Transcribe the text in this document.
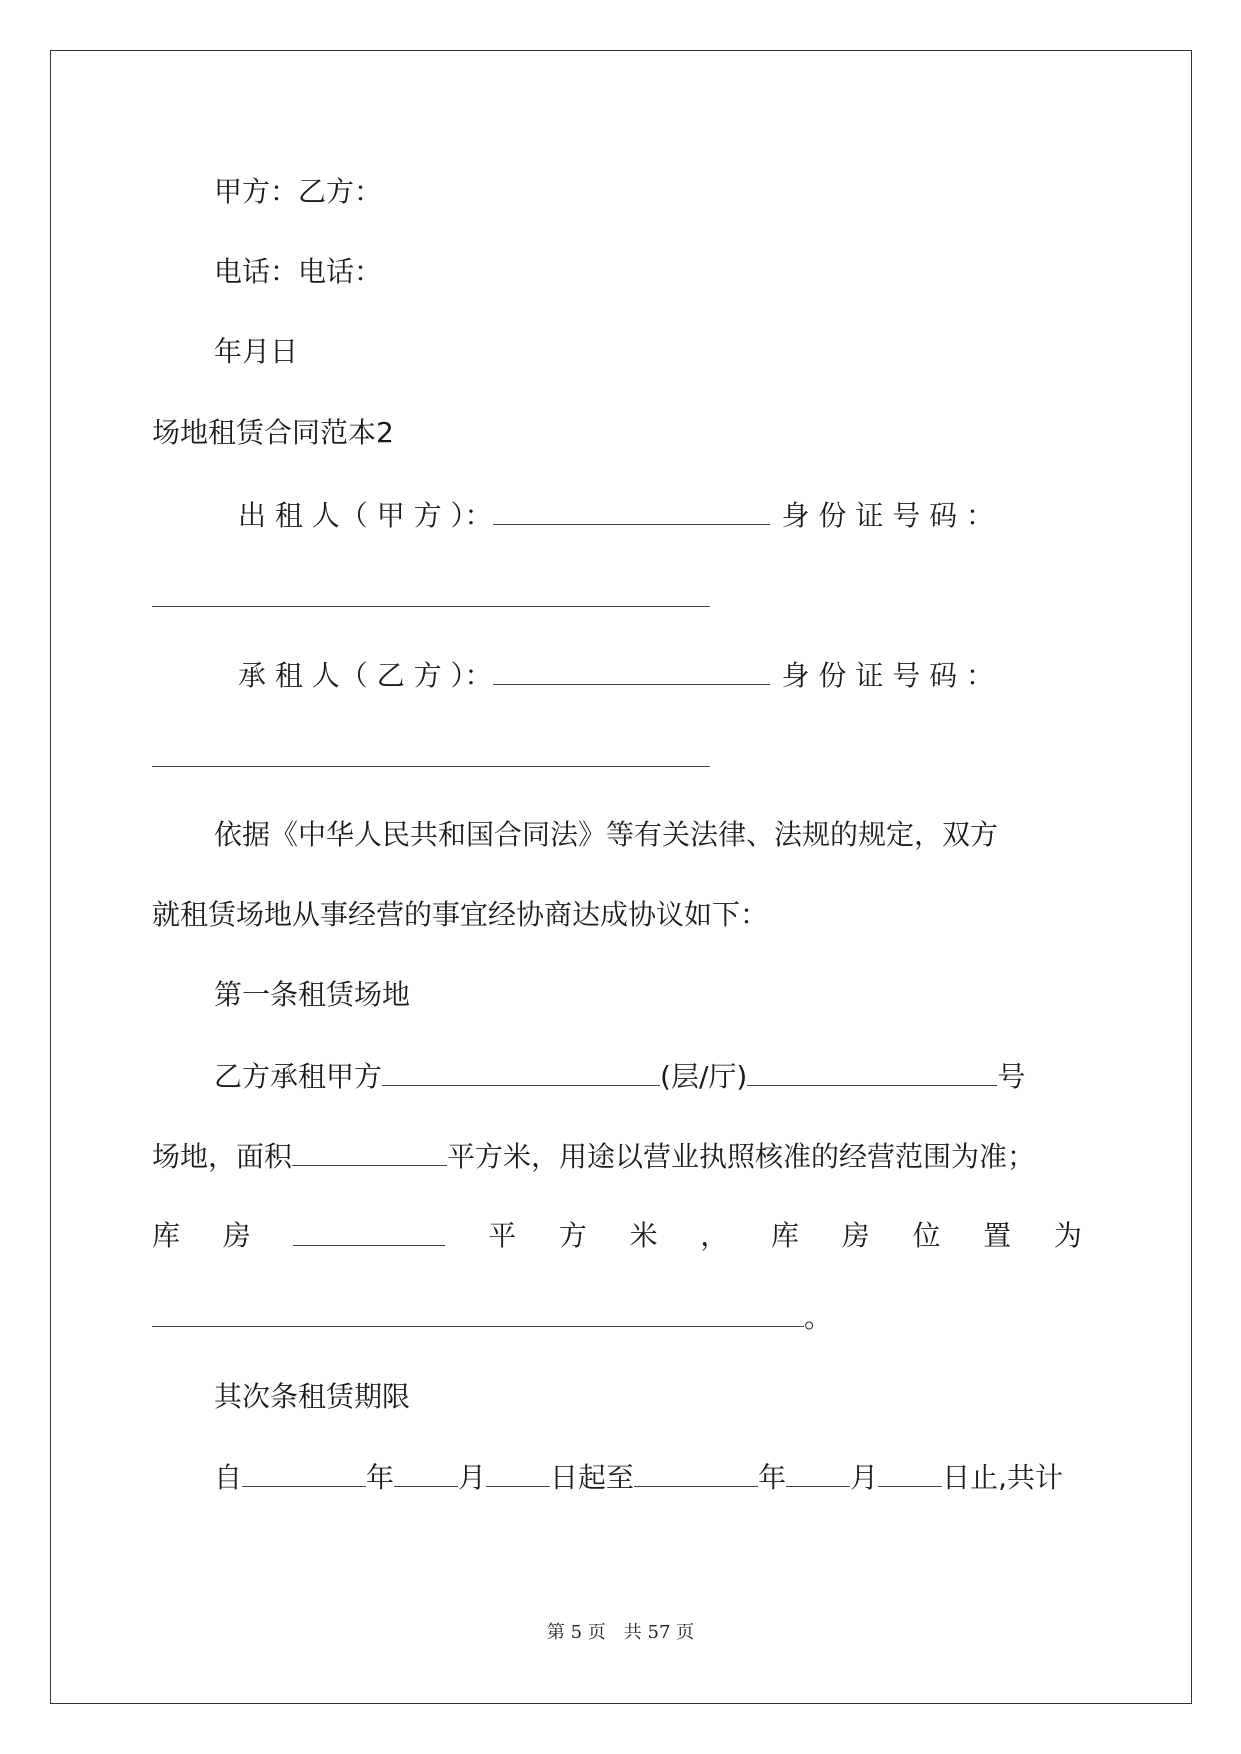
甲方：乙方：
电话：电话：
年月日
场地租赁合同范本2
出 租 人（ 甲 方 ）：	身 份 证 号 码 ：
承 租 人（ 乙 方 ）：	身 份 证 号 码 ：
依据《中华人民共和国合同法》等有关法律、法规的规定，双方
就租赁场地从事经营的事宜经协商达成协议如下：
第一条租赁场地
乙方承租甲方	(层/厅)	号
场地，面积	平方米，用途以营业执照核准的经营范围为准；
库 房	平 方 米 ， 库 房 位 置 为
。
其次条租赁期限
自	年 月 日起至	年 月 日止,共计
第 5 页　共 57 页
